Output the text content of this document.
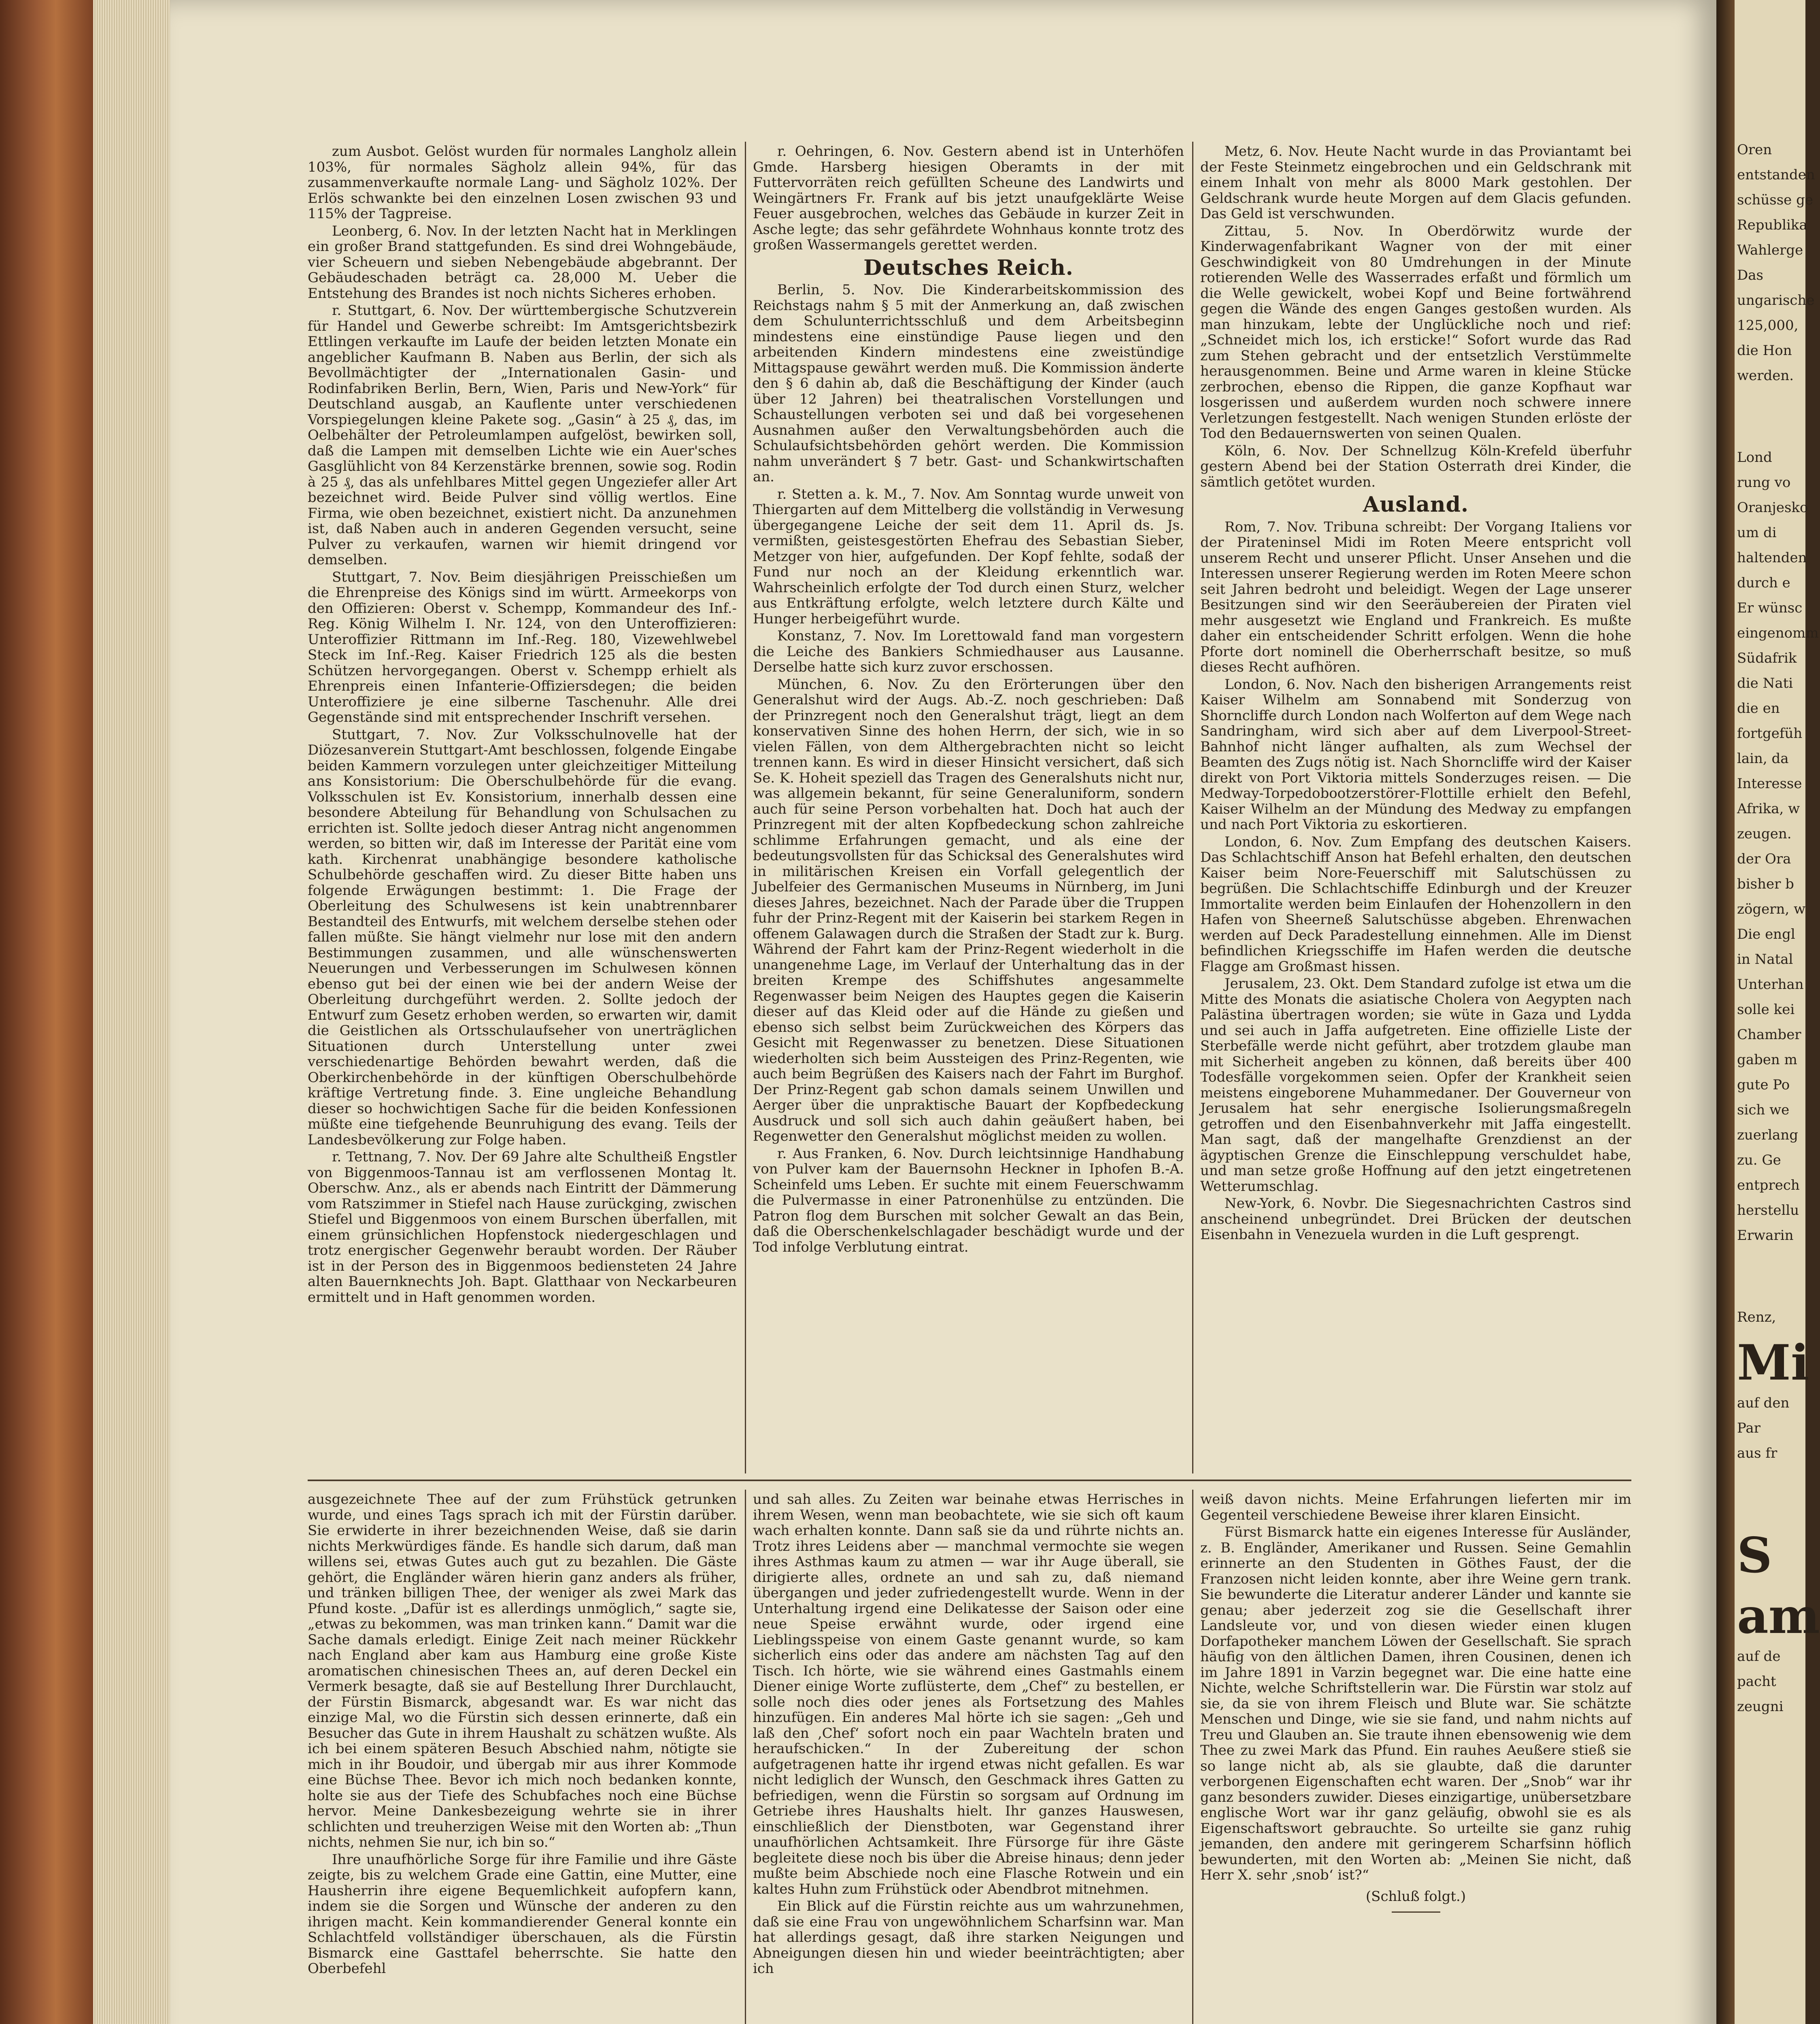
zum Ausbot. Gelöst wurden für normales Langholz allein 103%, für normales Sägholz allein 94%, für das zusammenverkaufte normale Lang- und Sägholz 102%. Der Erlös schwankte bei den einzelnen Losen zwischen 93 und 115% der Tagpreise.

Leonberg, 6. Nov. In der letzten Nacht hat in Merklingen ein großer Brand stattgefunden. Es sind drei Wohngebäude, vier Scheuern und sieben Nebengebäude abgebrannt. Der Gebäudeschaden beträgt ca. 28,000 M. Ueber die Entstehung des Brandes ist noch nichts Sicheres erhoben.

r. Stuttgart, 6. Nov. Der württembergische Schutzverein für Handel und Gewerbe schreibt: Im Amtsgerichtsbezirk Ettlingen verkaufte im Laufe der beiden letzten Monate ein angeblicher Kaufmann B. Naben aus Berlin, der sich als Bevollmächtigter der „Internationalen Gasin- und Rodinfabriken Berlin, Bern, Wien, Paris und New-York“ für Deutschland ausgab, an Kauflente unter verschiedenen Vorspiegelungen kleine Pakete sog. „Gasin“ à 25 ₰, das, im Oelbehälter der Petroleumlampen aufgelöst, bewirken soll, daß die Lampen mit demselben Lichte wie ein Auer'sches Gasglühlicht von 84 Kerzenstärke brennen, sowie sog. Rodin à 25 ₰, das als unfehlbares Mittel gegen Ungeziefer aller Art bezeichnet wird. Beide Pulver sind völlig wertlos. Eine Firma, wie oben bezeichnet, existiert nicht. Da anzunehmen ist, daß Naben auch in anderen Gegenden versucht, seine Pulver zu verkaufen, warnen wir hiemit dringend vor demselben.

Stuttgart, 7. Nov. Beim diesjährigen Preisschießen um die Ehrenpreise des Königs sind im württ. Armeekorps von den Offizieren: Oberst v. Schempp, Kommandeur des Inf.-Reg. König Wilhelm I. Nr. 124, von den Unteroffizieren: Unteroffizier Rittmann im Inf.-Reg. 180, Vizewehlwebel Steck im Inf.-Reg. Kaiser Friedrich 125 als die besten Schützen hervorgegangen. Oberst v. Schempp erhielt als Ehrenpreis einen Infanterie-Offiziersdegen; die beiden Unteroffiziere je eine silberne Taschenuhr. Alle drei Gegenstände sind mit entsprechender Inschrift versehen.

Stuttgart, 7. Nov. Zur Volksschulnovelle hat der Diözesanverein Stuttgart-Amt beschlossen, folgende Eingabe beiden Kammern vorzulegen unter gleichzeitiger Mitteilung ans Konsistorium: Die Oberschulbehörde für die evang. Volksschulen ist Ev. Konsistorium, innerhalb dessen eine besondere Abteilung für Behandlung von Schulsachen zu errichten ist. Sollte jedoch dieser Antrag nicht angenommen werden, so bitten wir, daß im Interesse der Parität eine vom kath. Kirchenrat unabhängige besondere katholische Schulbehörde geschaffen wird. Zu dieser Bitte haben uns folgende Erwägungen bestimmt: 1. Die Frage der Oberleitung des Schulwesens ist kein unabtrennbarer Bestandteil des Entwurfs, mit welchem derselbe stehen oder fallen müßte. Sie hängt vielmehr nur lose mit den andern Bestimmungen zusammen, und alle wünschenswerten Neuerungen und Verbesserungen im Schulwesen können ebenso gut bei der einen wie bei der andern Weise der Oberleitung durchgeführt werden. 2. Sollte jedoch der Entwurf zum Gesetz erhoben werden, so erwarten wir, damit die Geistlichen als Ortsschulaufseher von unerträglichen Situationen durch Unterstellung unter zwei verschiedenartige Behörden bewahrt werden, daß die Oberkirchenbehörde in der künftigen Oberschulbehörde kräftige Vertretung finde. 3. Eine ungleiche Behandlung dieser so hochwichtigen Sache für die beiden Konfessionen müßte eine tiefgehende Beunruhigung des evang. Teils der Landesbevölkerung zur Folge haben.

r. Tettnang, 7. Nov. Der 69 Jahre alte Schultheiß Engstler von Biggenmoos-Tannau ist am verflossenen Montag lt. Oberschw. Anz., als er abends nach Eintritt der Dämmerung vom Ratszimmer in Stiefel nach Hause zurückging, zwischen Stiefel und Biggenmoos von einem Burschen überfallen, mit einem grünsichlichen Hopfenstock niedergeschlagen und trotz energischer Gegenwehr beraubt worden. Der Räuber ist in der Person des in Biggenmoos bediensteten 24 Jahre alten Bauernknechts Joh. Bapt. Glatthaar von Neckarbeuren ermittelt und in Haft genommen worden.

r. Oehringen, 6. Nov. Gestern abend ist in Unterhöfen Gmde. Harsberg hiesigen Oberamts in der mit Futtervorräten reich gefüllten Scheune des Landwirts und Weingärtners Fr. Frank auf bis jetzt unaufgeklärte Weise Feuer ausgebrochen, welches das Gebäude in kurzer Zeit in Asche legte; das sehr gefährdete Wohnhaus konnte trotz des großen Wassermangels gerettet werden.

Deutsches Reich.

Berlin, 5. Nov. Die Kinderarbeitskommission des Reichstags nahm § 5 mit der Anmerkung an, daß zwischen dem Schulunterrichtsschluß und dem Arbeitsbeginn mindestens eine einstündige Pause liegen und den arbeitenden Kindern mindestens eine zweistündige Mittagspause gewährt werden muß. Die Kommission änderte den § 6 dahin ab, daß die Beschäftigung der Kinder (auch über 12 Jahren) bei theatralischen Vorstellungen und Schaustellungen verboten sei und daß bei vorgesehenen Ausnahmen außer den Verwaltungsbehörden auch die Schulaufsichtsbehörden gehört werden. Die Kommission nahm unverändert § 7 betr. Gast- und Schankwirtschaften an.

r. Stetten a. k. M., 7. Nov. Am Sonntag wurde unweit von Thiergarten auf dem Mittelberg die vollständig in Verwesung übergegangene Leiche der seit dem 11. April ds. Js. vermißten, geistesgestörten Ehefrau des Sebastian Sieber, Metzger von hier, aufgefunden. Der Kopf fehlte, sodaß der Fund nur noch an der Kleidung erkenntlich war. Wahrscheinlich erfolgte der Tod durch einen Sturz, welcher aus Entkräftung erfolgte, welch letztere durch Kälte und Hunger herbeigeführt wurde.

Konstanz, 7. Nov. Im Lorettowald fand man vorgestern die Leiche des Bankiers Schmiedhauser aus Lausanne. Derselbe hatte sich kurz zuvor erschossen.

München, 6. Nov. Zu den Erörterungen über den Generalshut wird der Augs. Ab.-Z. noch geschrieben: Daß der Prinzregent noch den Generalshut trägt, liegt an dem konservativen Sinne des hohen Herrn, der sich, wie in so vielen Fällen, von dem Althergebrachten nicht so leicht trennen kann. Es wird in dieser Hinsicht versichert, daß sich Se. K. Hoheit speziell das Tragen des Generalshuts nicht nur, was allgemein bekannt, für seine Generaluniform, sondern auch für seine Person vorbehalten hat. Doch hat auch der Prinzregent mit der alten Kopfbedeckung schon zahlreiche schlimme Erfahrungen gemacht, und als eine der bedeutungsvollsten für das Schicksal des Generalshutes wird in militärischen Kreisen ein Vorfall gelegentlich der Jubelfeier des Germanischen Museums in Nürnberg, im Juni dieses Jahres, bezeichnet. Nach der Parade über die Truppen fuhr der Prinz-Regent mit der Kaiserin bei starkem Regen in offenem Galawagen durch die Straßen der Stadt zur k. Burg. Während der Fahrt kam der Prinz-Regent wiederholt in die unangenehme Lage, im Verlauf der Unterhaltung das in der breiten Krempe des Schiffshutes angesammelte Regenwasser beim Neigen des Hauptes gegen die Kaiserin dieser auf das Kleid oder auf die Hände zu gießen und ebenso sich selbst beim Zurückweichen des Körpers das Gesicht mit Regenwasser zu benetzen. Diese Situationen wiederholten sich beim Aussteigen des Prinz-Regenten, wie auch beim Begrüßen des Kaisers nach der Fahrt im Burghof. Der Prinz-Regent gab schon damals seinem Unwillen und Aerger über die unpraktische Bauart der Kopfbedeckung Ausdruck und soll sich auch dahin geäußert haben, bei Regenwetter den Generalshut möglichst meiden zu wollen.

r. Aus Franken, 6. Nov. Durch leichtsinnige Handhabung von Pulver kam der Bauernsohn Heckner in Iphofen B.-A. Scheinfeld ums Leben. Er suchte mit einem Feuerschwamm die Pulvermasse in einer Patronenhülse zu entzünden. Die Patron flog dem Burschen mit solcher Gewalt an das Bein, daß die Oberschenkelschlagader beschädigt wurde und der Tod infolge Verblutung eintrat.

Metz, 6. Nov. Heute Nacht wurde in das Proviantamt bei der Feste Steinmetz eingebrochen und ein Geldschrank mit einem Inhalt von mehr als 8000 Mark gestohlen. Der Geldschrank wurde heute Morgen auf dem Glacis gefunden. Das Geld ist verschwunden.

Zittau, 5. Nov. In Oberdörwitz wurde der Kinderwagenfabrikant Wagner von der mit einer Geschwindigkeit von 80 Umdrehungen in der Minute rotierenden Welle des Wasserrades erfaßt und förmlich um die Welle gewickelt, wobei Kopf und Beine fortwährend gegen die Wände des engen Ganges gestoßen wurden. Als man hinzukam, lebte der Unglückliche noch und rief: „Schneidet mich los, ich ersticke!“ Sofort wurde das Rad zum Stehen gebracht und der entsetzlich Verstümmelte herausgenommen. Beine und Arme waren in kleine Stücke zerbrochen, ebenso die Rippen, die ganze Kopfhaut war losgerissen und außerdem wurden noch schwere innere Verletzungen festgestellt. Nach wenigen Stunden erlöste der Tod den Bedauernswerten von seinen Qualen.

Köln, 6. Nov. Der Schnellzug Köln-Krefeld überfuhr gestern Abend bei der Station Osterrath drei Kinder, die sämtlich getötet wurden.

Ausland.

Rom, 7. Nov. Tribuna schreibt: Der Vorgang Italiens vor der Pirateninsel Midi im Roten Meere entspricht voll unserem Recht und unserer Pflicht. Unser Ansehen und die Interessen unserer Regierung werden im Roten Meere schon seit Jahren bedroht und beleidigt. Wegen der Lage unserer Besitzungen sind wir den Seeräubereien der Piraten viel mehr ausgesetzt wie England und Frankreich. Es mußte daher ein entscheidender Schritt erfolgen. Wenn die hohe Pforte dort nominell die Oberherrschaft besitze, so muß dieses Recht aufhören.

London, 6. Nov. Nach den bisherigen Arrangements reist Kaiser Wilhelm am Sonnabend mit Sonderzug von Shorncliffe durch London nach Wolferton auf dem Wege nach Sandringham, wird sich aber auf dem Liverpool-Street-Bahnhof nicht länger aufhalten, als zum Wechsel der Beamten des Zugs nötig ist. Nach Shorncliffe wird der Kaiser direkt von Port Viktoria mittels Sonderzuges reisen. — Die Medway-Torpedobootzerstörer-Flottille erhielt den Befehl, Kaiser Wilhelm an der Mündung des Medway zu empfangen und nach Port Viktoria zu eskortieren.

London, 6. Nov. Zum Empfang des deutschen Kaisers. Das Schlachtschiff Anson hat Befehl erhalten, den deutschen Kaiser beim Nore-Feuerschiff mit Salutschüssen zu begrüßen. Die Schlachtschiffe Edinburgh und der Kreuzer Immortalite werden beim Einlaufen der Hohenzollern in den Hafen von Sheerneß Salutschüsse abgeben. Ehrenwachen werden auf Deck Paradestellung einnehmen. Alle im Dienst befindlichen Kriegsschiffe im Hafen werden die deutsche Flagge am Großmast hissen.

Jerusalem, 23. Okt. Dem Standard zufolge ist etwa um die Mitte des Monats die asiatische Cholera von Aegypten nach Palästina übertragen worden; sie wüte in Gaza und Lydda und sei auch in Jaffa aufgetreten. Eine offizielle Liste der Sterbefälle werde nicht geführt, aber trotzdem glaube man mit Sicherheit angeben zu können, daß bereits über 400 Todesfälle vorgekommen seien. Opfer der Krankheit seien meistens eingeborene Muhammedaner. Der Gouverneur von Jerusalem hat sehr energische Isolierungsmaßregeln getroffen und den Eisenbahnverkehr mit Jaffa eingestellt. Man sagt, daß der mangelhafte Grenzdienst an der ägyptischen Grenze die Einschleppung verschuldet habe, und man setze große Hoffnung auf den jetzt eingetretenen Wetterumschlag.

New-York, 6. Novbr. Die Siegesnachrichten Castros sind anscheinend unbegründet. Drei Brücken der deutschen Eisenbahn in Venezuela wurden in die Luft gesprengt.

ausgezeichnete Thee auf der zum Frühstück getrunken wurde, und eines Tags sprach ich mit der Fürstin darüber. Sie erwiderte in ihrer bezeichnenden Weise, daß sie darin nichts Merkwürdiges fände. Es handle sich darum, daß man willens sei, etwas Gutes auch gut zu bezahlen. Die Gäste gehört, die Engländer wären hierin ganz anders als früher, und tränken billigen Thee, der weniger als zwei Mark das Pfund koste. „Dafür ist es allerdings unmöglich,“ sagte sie, „etwas zu bekommen, was man trinken kann.“ Damit war die Sache damals erledigt. Einige Zeit nach meiner Rückkehr nach England aber kam aus Hamburg eine große Kiste aromatischen chinesischen Thees an, auf deren Deckel ein Vermerk besagte, daß sie auf Bestellung Ihrer Durchlaucht, der Fürstin Bismarck, abgesandt war. Es war nicht das einzige Mal, wo die Fürstin sich dessen erinnerte, daß ein Besucher das Gute in ihrem Haushalt zu schätzen wußte. Als ich bei einem späteren Besuch Abschied nahm, nötigte sie mich in ihr Boudoir, und übergab mir aus ihrer Kommode eine Büchse Thee. Bevor ich mich noch bedanken konnte, holte sie aus der Tiefe des Schubfaches noch eine Büchse hervor. Meine Dankesbezeigung wehrte sie in ihrer schlichten und treuherzigen Weise mit den Worten ab: „Thun nichts, nehmen Sie nur, ich bin so.“

Ihre unaufhörliche Sorge für ihre Familie und ihre Gäste zeigte, bis zu welchem Grade eine Gattin, eine Mutter, eine Hausherrin ihre eigene Bequemlichkeit aufopfern kann, indem sie die Sorgen und Wünsche der anderen zu den ihrigen macht. Kein kommandierender General konnte ein Schlachtfeld vollständiger überschauen, als die Fürstin Bismarck eine Gasttafel beherrschte. Sie hatte den Oberbefehl

und sah alles. Zu Zeiten war beinahe etwas Herrisches in ihrem Wesen, wenn man beobachtete, wie sie sich oft kaum wach erhalten konnte. Dann saß sie da und rührte nichts an. Trotz ihres Leidens aber — manchmal vermochte sie wegen ihres Asthmas kaum zu atmen — war ihr Auge überall, sie dirigierte alles, ordnete an und sah zu, daß niemand übergangen und jeder zufriedengestellt wurde. Wenn in der Unterhaltung irgend eine Delikatesse der Saison oder eine neue Speise erwähnt wurde, oder irgend eine Lieblingsspeise von einem Gaste genannt wurde, so kam sicherlich eins oder das andere am nächsten Tag auf den Tisch. Ich hörte, wie sie während eines Gastmahls einem Diener einige Worte zuflüsterte, dem „Chef“ zu bestellen, er solle noch dies oder jenes als Fortsetzung des Mahles hinzufügen. Ein anderes Mal hörte ich sie sagen: „Geh und laß den ‚Chef‘ sofort noch ein paar Wachteln braten und heraufschicken.“ In der Zubereitung der schon aufgetragenen hatte ihr irgend etwas nicht gefallen. Es war nicht lediglich der Wunsch, den Geschmack ihres Gatten zu befriedigen, wenn die Fürstin so sorgsam auf Ordnung im Getriebe ihres Haushalts hielt. Ihr ganzes Hauswesen, einschließlich der Dienstboten, war Gegenstand ihrer unaufhörlichen Achtsamkeit. Ihre Fürsorge für ihre Gäste begleitete diese noch bis über die Abreise hinaus; denn jeder mußte beim Abschiede noch eine Flasche Rotwein und ein kaltes Huhn zum Frühstück oder Abendbrot mitnehmen.

Ein Blick auf die Fürstin reichte aus um wahrzunehmen, daß sie eine Frau von ungewöhnlichem Scharfsinn war. Man hat allerdings gesagt, daß ihre starken Neigungen und Abneigungen diesen hin und wieder beeinträchtigten; aber ich

weiß davon nichts. Meine Erfahrungen lieferten mir im Gegenteil verschiedene Beweise ihrer klaren Einsicht.

Fürst Bismarck hatte ein eigenes Interesse für Ausländer, z. B. Engländer, Amerikaner und Russen. Seine Gemahlin erinnerte an den Studenten in Göthes Faust, der die Franzosen nicht leiden konnte, aber ihre Weine gern trank. Sie bewunderte die Literatur anderer Länder und kannte sie genau; aber jederzeit zog sie die Gesellschaft ihrer Landsleute vor, und von diesen wieder einen klugen Dorfapotheker manchem Löwen der Gesellschaft. Sie sprach häufig von den ältlichen Damen, ihren Cousinen, denen ich im Jahre 1891 in Varzin begegnet war. Die eine hatte eine Nichte, welche Schriftstellerin war. Die Fürstin war stolz auf sie, da sie von ihrem Fleisch und Blute war. Sie schätzte Menschen und Dinge, wie sie sie fand, und nahm nichts auf Treu und Glauben an. Sie traute ihnen ebensowenig wie dem Thee zu zwei Mark das Pfund. Ein rauhes Aeußere stieß sie so lange nicht ab, als sie glaubte, daß die darunter verborgenen Eigenschaften echt waren. Der „Snob“ war ihr ganz besonders zuwider. Dieses einzigartige, unübersetzbare englische Wort war ihr ganz geläufig, obwohl sie es als Eigenschaftswort gebrauchte. So urteilte sie ganz ruhig jemanden, den andere mit geringerem Scharfsinn höflich bewunderten, mit den Worten ab: „Meinen Sie nicht, daß Herr X. sehr ‚snob‘ ist?“

(Schluß folgt.)

Oren
entstanden
schüsse ge
Republika
Wahlerge
Das
ungarische
125,000,
die Hon
werden.
Lond
rung vo
Oranjesko
um di
haltenden
durch e
Er wünsc
eingenomm
Südafrik
die Nati
die en
fortgefüh
lain, da
Interesse
Afrika, w
zeugen.
der Ora
bisher b
zögern, w
Die engl
in Natal
Unterhan
solle kei
Chamber
gaben m
gute Po
sich we
zuerlang
zu. Ge
entprech
herstellu
Erwarin
Renz,
Mi
auf den
Par
aus fr
S
am
auf de
pacht
zeugni
